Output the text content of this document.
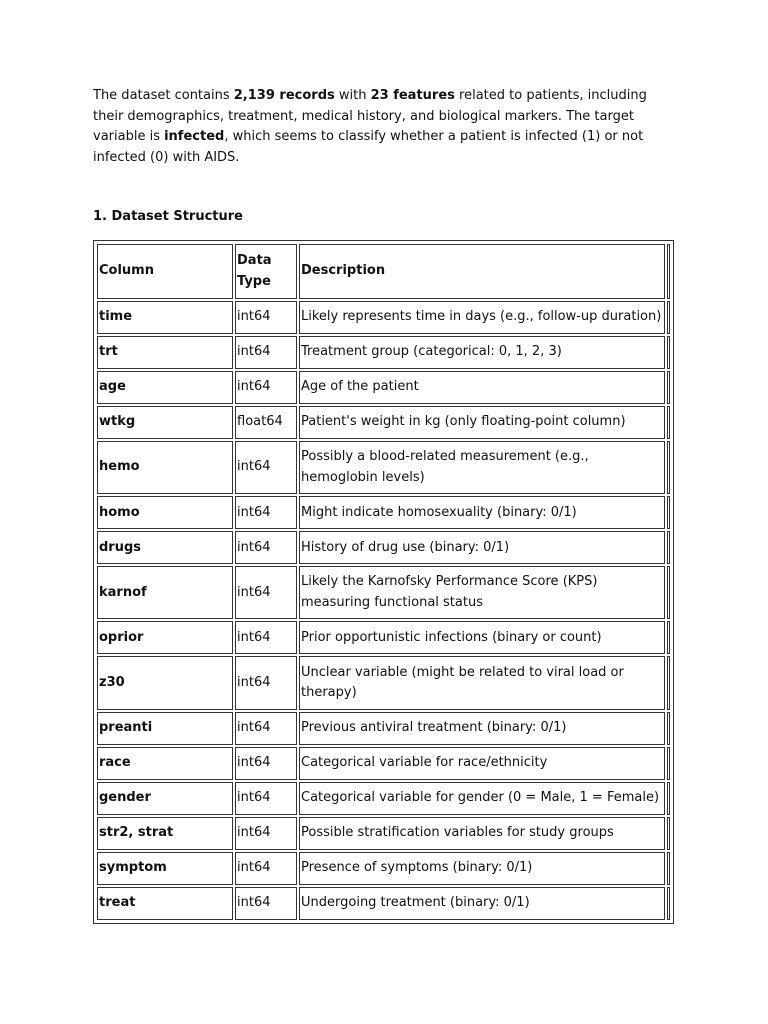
The dataset contains 2,139 records with 23 features related to patients, including their demographics, treatment, medical history, and biological markers. The target variable is infected, which seems to classify whether a patient is infected (1) or not infected (0) with AIDS.

1. Dataset Structure

Column	Data Type	Description	
time	int64	Likely represents time in days (e.g., follow-up duration)	
trt	int64	Treatment group (categorical: 0, 1, 2, 3)	
age	int64	Age of the patient	
wtkg	float64	Patient's weight in kg (only floating-point column)	
hemo	int64	Possibly a blood-related measurement (e.g., hemoglobin levels)	
homo	int64	Might indicate homosexuality (binary: 0/1)	
drugs	int64	History of drug use (binary: 0/1)	
karnof	int64	Likely the Karnofsky Performance Score (KPS) measuring functional status	
oprior	int64	Prior opportunistic infections (binary or count)	
z30	int64	Unclear variable (might be related to viral load or therapy)	
preanti	int64	Previous antiviral treatment (binary: 0/1)	
race	int64	Categorical variable for race/ethnicity	
gender	int64	Categorical variable for gender (0 = Male, 1 = Female)	
str2, strat	int64	Possible stratification variables for study groups	
symptom	int64	Presence of symptoms (binary: 0/1)	
treat	int64	Undergoing treatment (binary: 0/1)	
